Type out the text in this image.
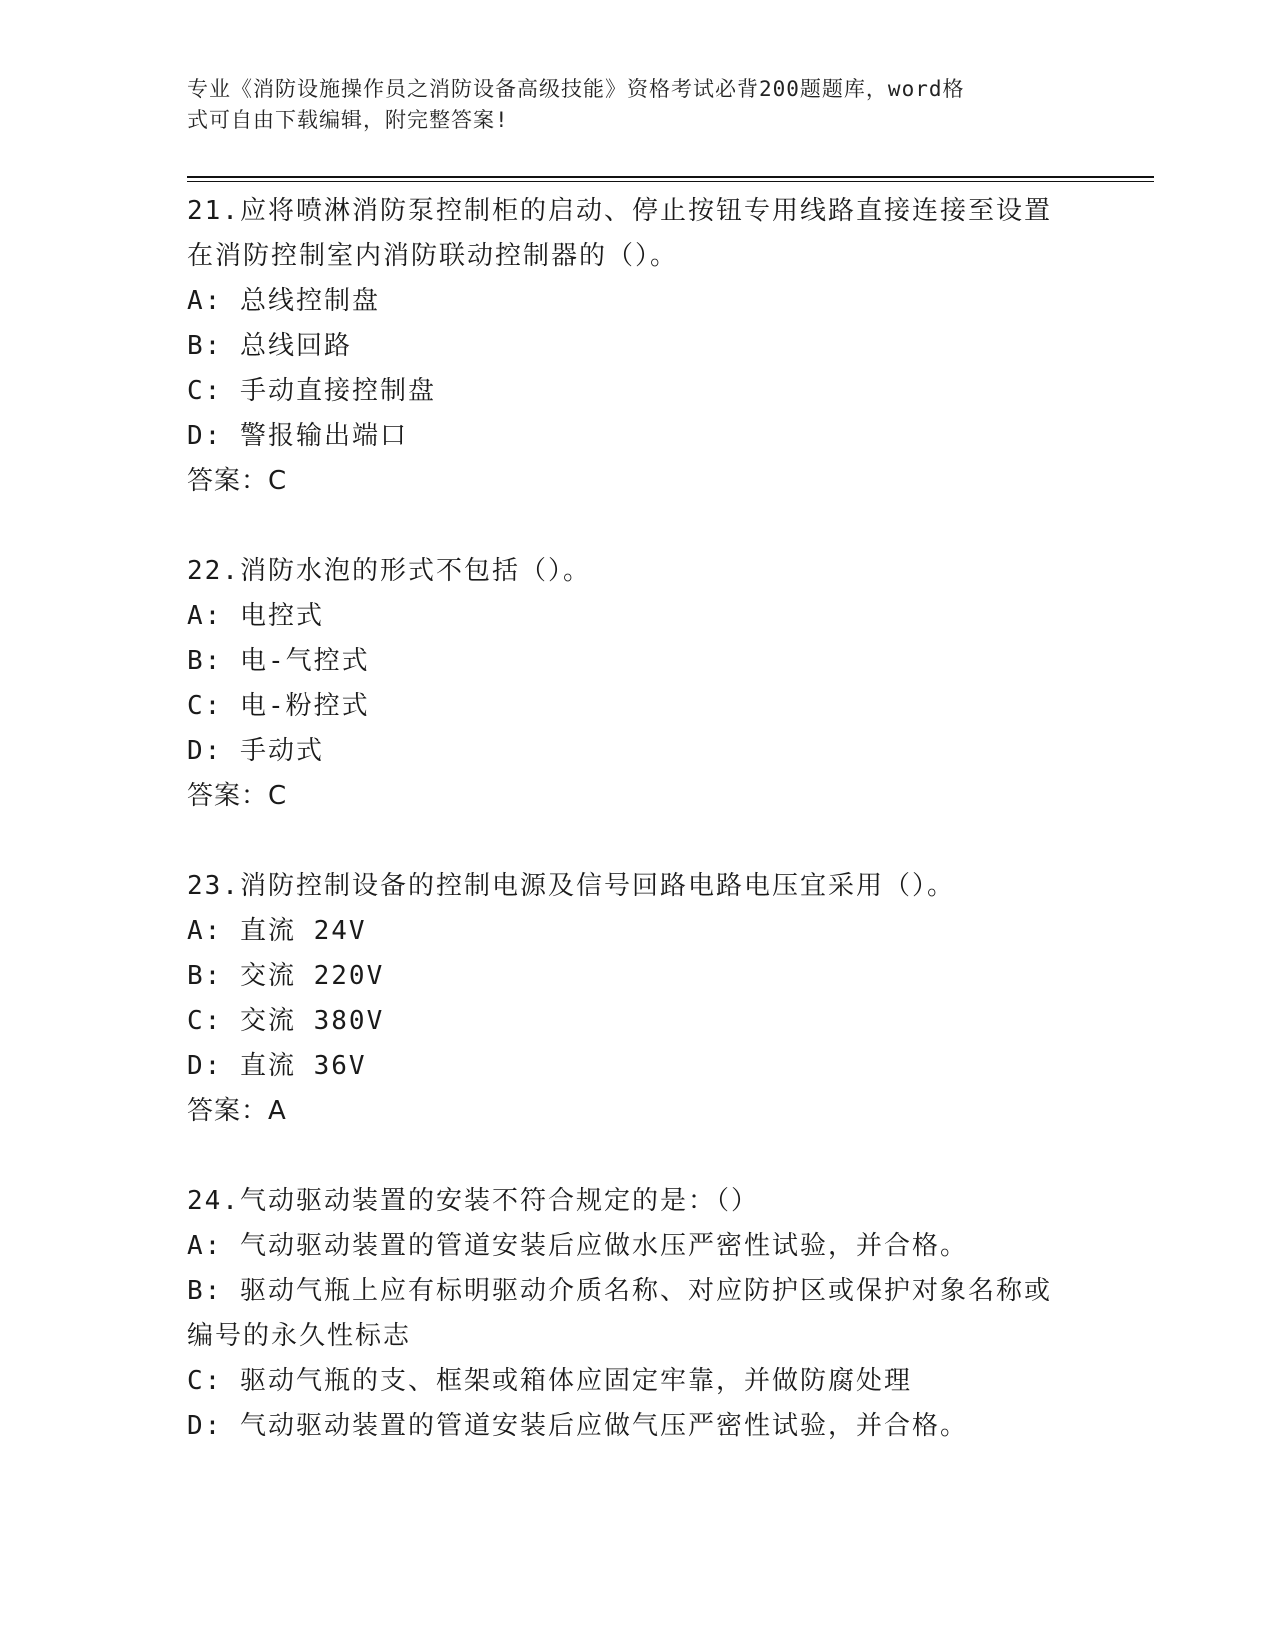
专业《消防设施操作员之消防设备高级技能》资格考试必背200题题库，word格
式可自由下载编辑，附完整答案!
21.应将喷淋消防泵控制柜的启动、停止按钮专用线路直接连接至设置
在消防控制室内消防联动控制器的（）。
A: 总线控制盘
B: 总线回路
C: 手动直接控制盘
D: 警报输出端口
答案：C
22.消防水泡的形式不包括（）。
A: 电控式
B: 电-气控式
C: 电-粉控式
D: 手动式
答案：C
23.消防控制设备的控制电源及信号回路电路电压宜采用（）。
A: 直流 24V
B: 交流 220V
C: 交流 380V
D: 直流 36V
答案：A
24.气动驱动装置的安装不符合规定的是：（）
A: 气动驱动装置的管道安装后应做水压严密性试验，并合格。
B: 驱动气瓶上应有标明驱动介质名称、对应防护区或保护对象名称或
编号的永久性标志
C: 驱动气瓶的支、框架或箱体应固定牢靠，并做防腐处理
D: 气动驱动装置的管道安装后应做气压严密性试验，并合格。
